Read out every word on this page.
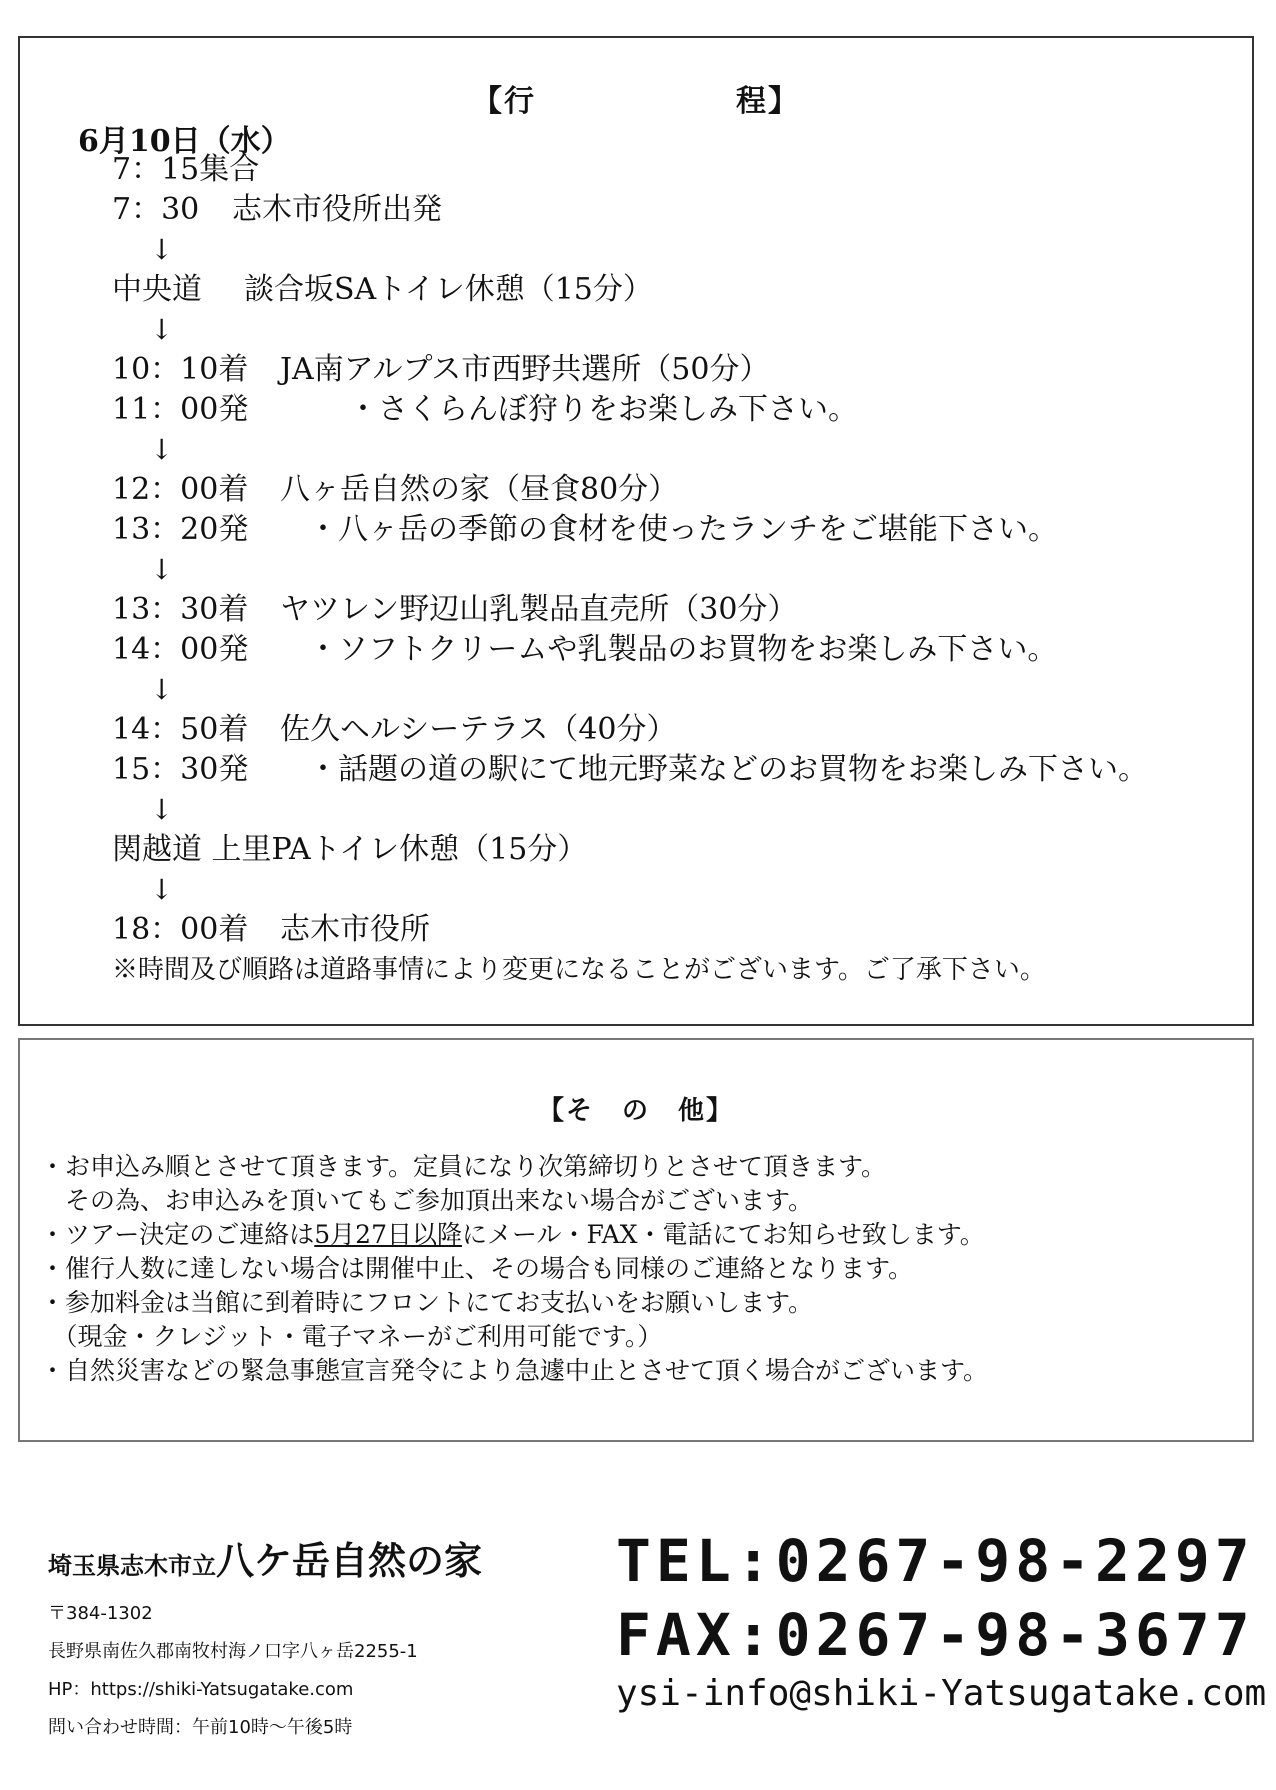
【行	程】
6月10日（水）
7：15集合
7：30 志木市役所出発
↓
中央道 談合坂SAトイレ休憩（15分）
↓
10：10着 JA南アルプス市西野共選所（50分）
11：00発	・さくらんぼ狩りをお楽しみ下さい。
↓
12：00着 八ヶ岳自然の家（昼食80分）
13：20発 ・八ヶ岳の季節の食材を使ったランチをご堪能下さい。
↓
13：30着 ヤツレン野辺山乳製品直売所（30分）
14：00発 ・ソフトクリームや乳製品のお買物をお楽しみ下さい。
↓
14：50着 佐久ヘルシーテラス（40分）
15：30発 ・話題の道の駅にて地元野菜などのお買物をお楽しみ下さい。
↓
関越道 上里PAトイレ休憩（15分）
↓
18：00着 志木市役所
※時間及び順路は道路事情により変更になることがございます。ご了承下さい。
【そ　の　他】
・お申込み順とさせて頂きます。定員になり次第締切りとさせて頂きます。
　その為、お申込みを頂いてもご参加頂出来ない場合がございます。
・ツアー決定のご連絡は5月27日以降にメール・FAX・電話にてお知らせ致します。
・催行人数に達しない場合は開催中止、その場合も同様のご連絡となります。
・参加料金は当館に到着時にフロントにてお支払いをお願いします。
　（現金・クレジット・電子マネーがご利用可能です。）
・自然災害などの緊急事態宣言発令により急遽中止とさせて頂く場合がございます。
埼玉県志木市立八ケ岳自然の家
〒384-1302
長野県南佐久郡南牧村海ノ口字八ヶ岳2255-1
HP：https://shiki-Yatsugatake.com
問い合わせ時間：午前10時～午後5時
TEL:0267-98-2297
FAX:0267-98-3677
ysi-info@shiki-Yatsugatake.com
